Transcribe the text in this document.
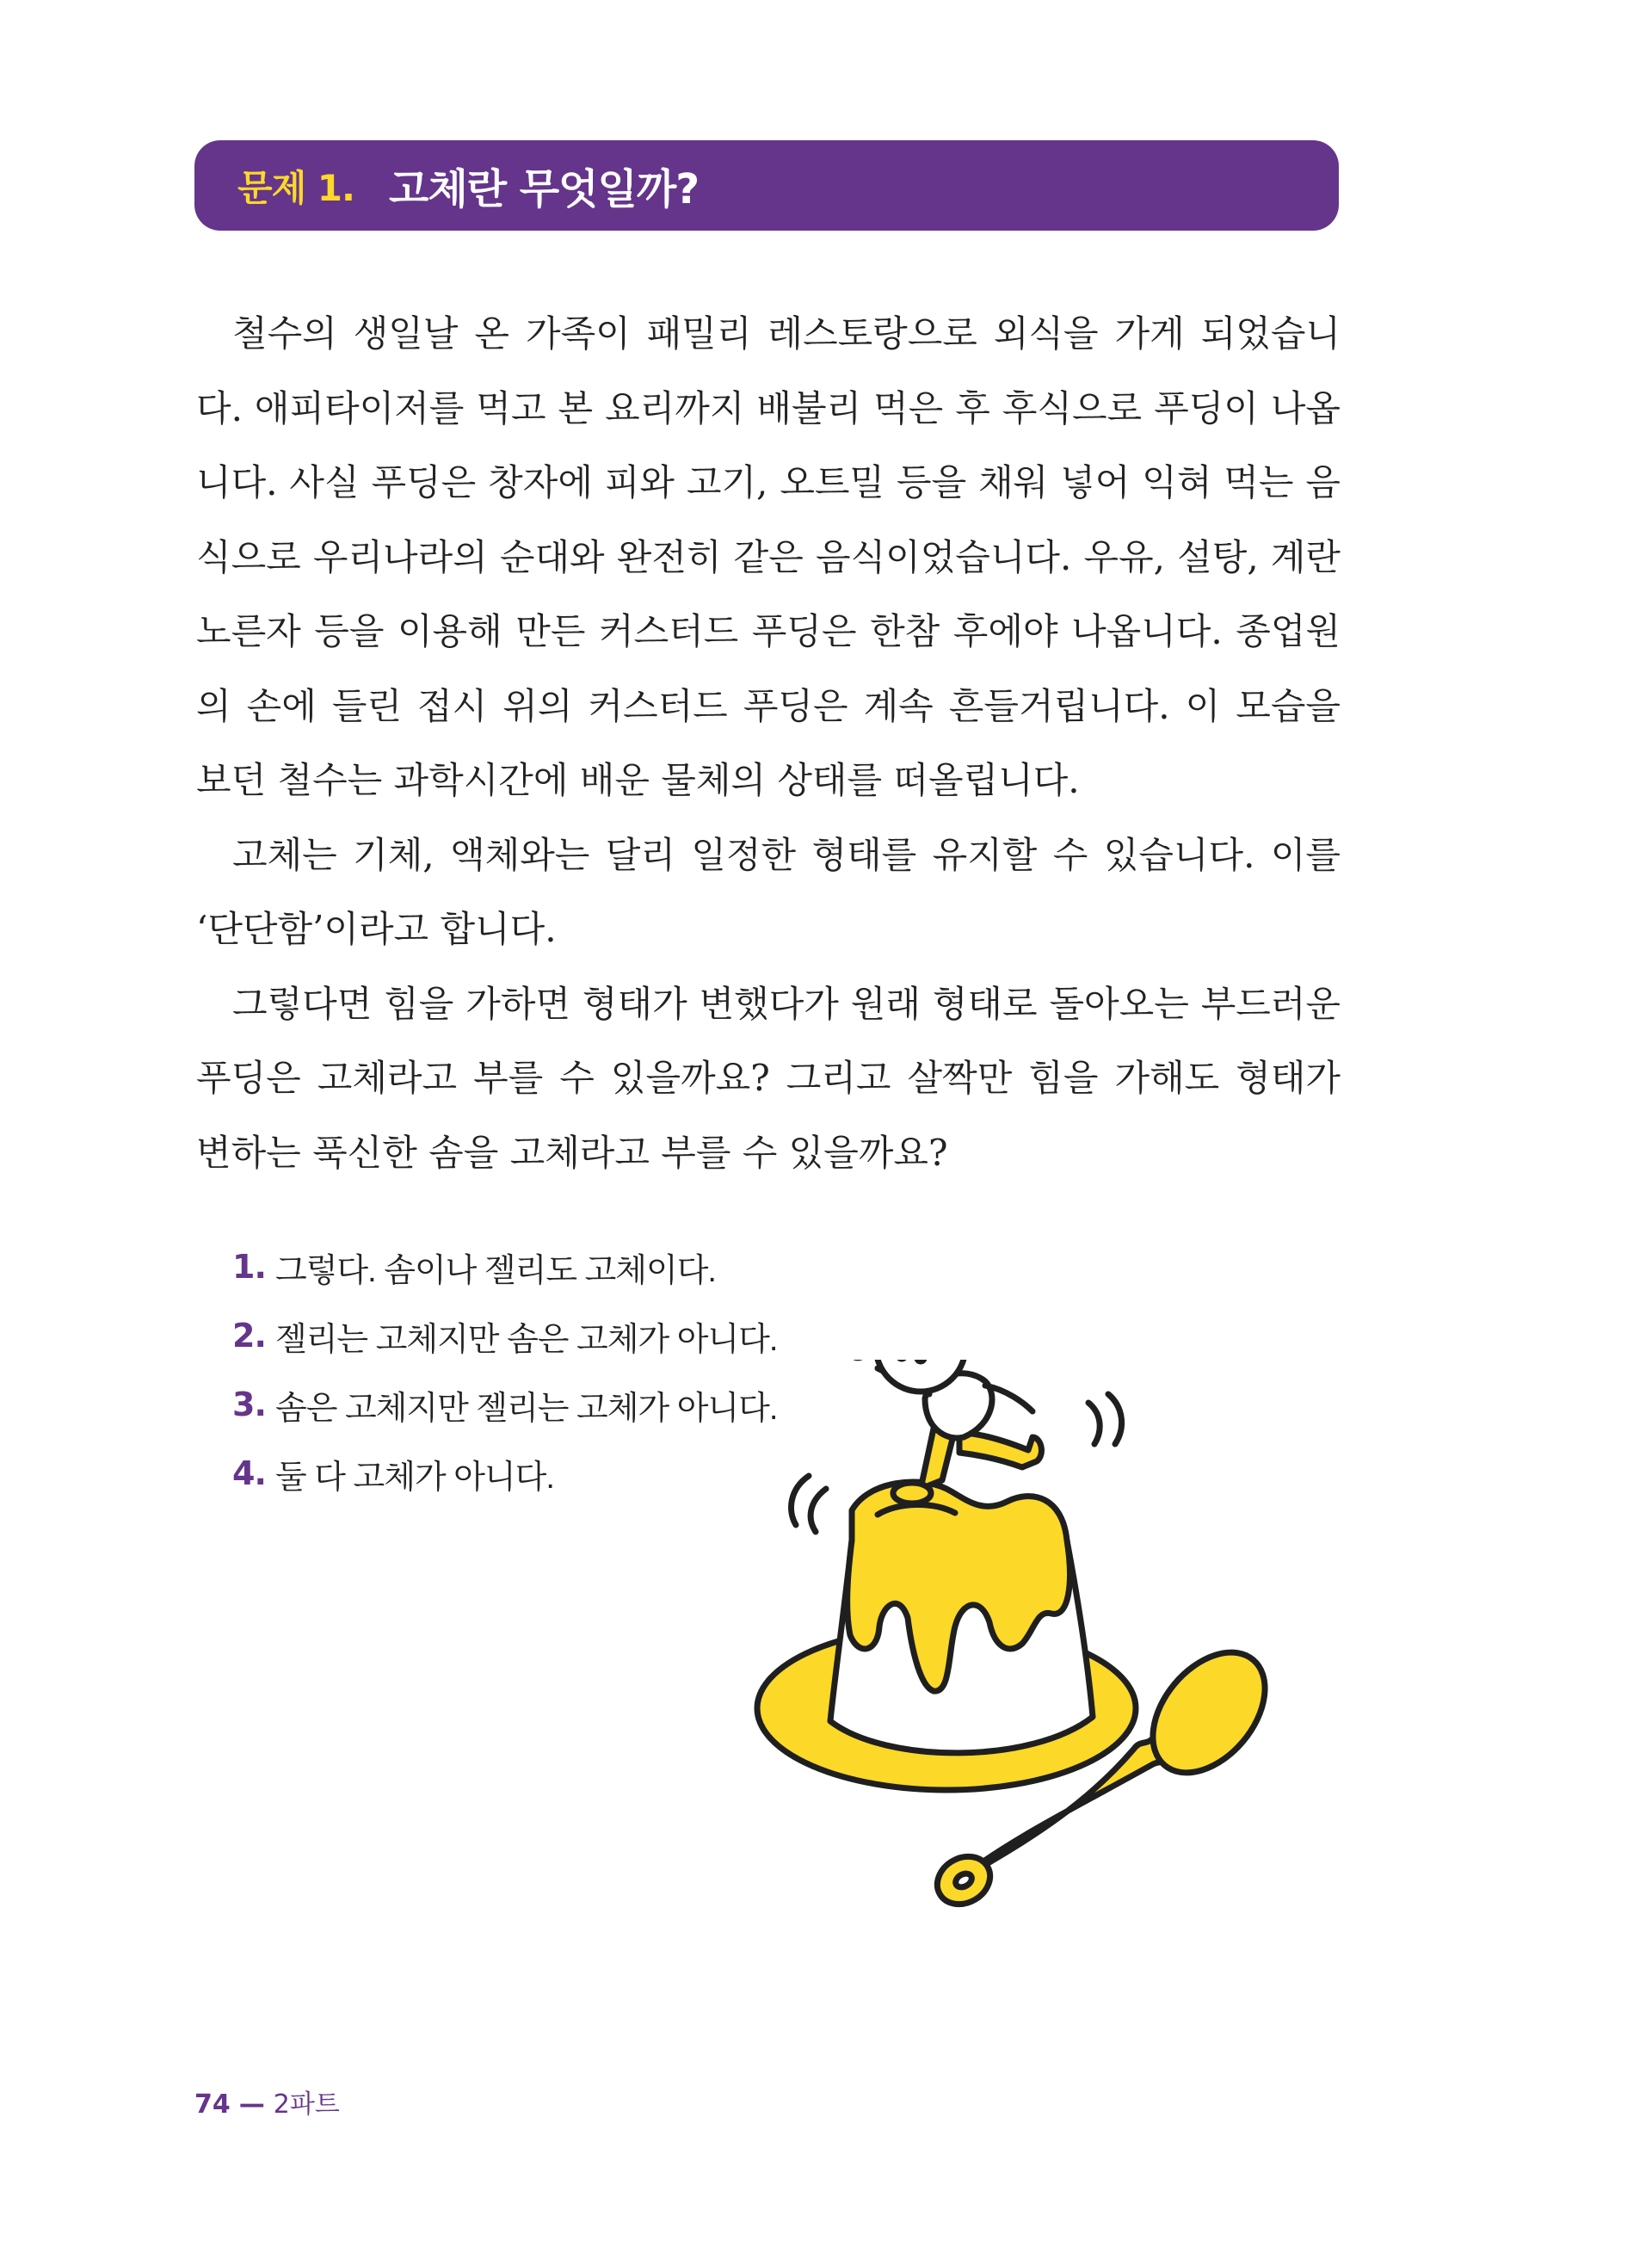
문제 1. 고체란 무엇일까?

철수의 생일날 온 가족이 패밀리 레스토랑으로 외식을 가게 되었습니다. 애피타이저를 먹고 본 요리까지 배불리 먹은 후 후식으로 푸딩이 나옵니다. 사실 푸딩은 창자에 피와 고기, 오트밀 등을 채워 넣어 익혀 먹는 음식으로 우리나라의 순대와 완전히 같은 음식이었습니다. 우유, 설탕, 계란 노른자 등을 이용해 만든 커스터드 푸딩은 한참 후에야 나옵니다. 종업원의 손에 들린 접시 위의 커스터드 푸딩은 계속 흔들거립니다. 이 모습을 보던 철수는 과학시간에 배운 물체의 상태를 떠올립니다.

고체는 기체, 액체와는 달리 일정한 형태를 유지할 수 있습니다. 이를 ‘단단함’이라고 합니다.

그렇다면 힘을 가하면 형태가 변했다가 원래 형태로 돌아오는 부드러운 푸딩은 고체라고 부를 수 있을까요? 그리고 살짝만 힘을 가해도 형태가 변하는 푹신한 솜을 고체라고 부를 수 있을까요?

1. 그렇다. 솜이나 젤리도 고체이다.
2. 젤리는 고체지만 솜은 고체가 아니다.
3. 솜은 고체지만 젤리는 고체가 아니다.
4. 둘 다 고체가 아니다.
74 — 2파트
